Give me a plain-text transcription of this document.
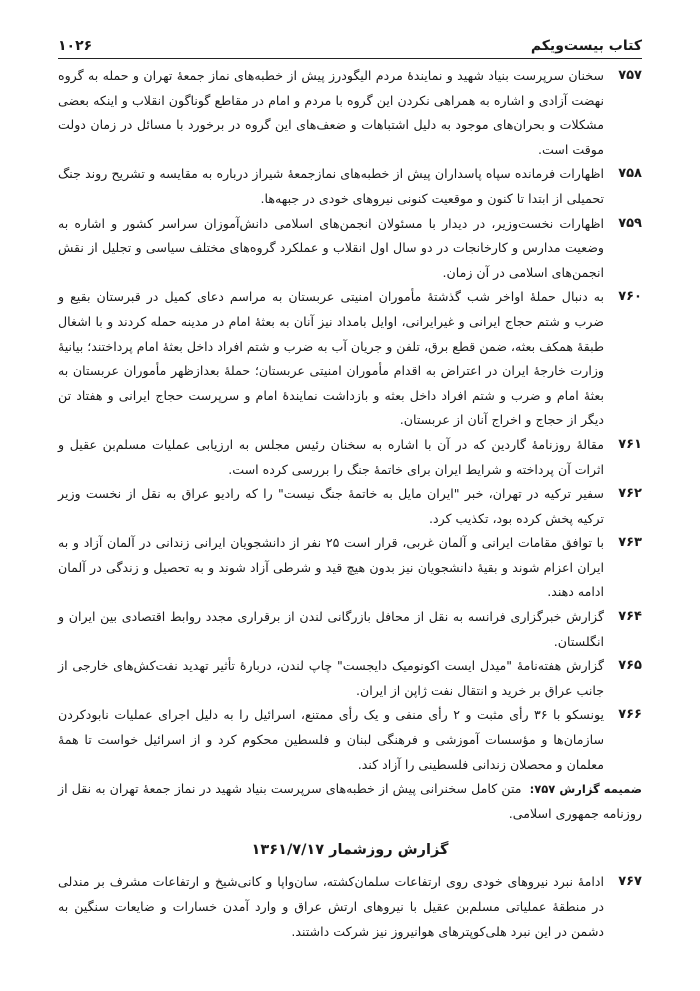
کتاب بیست‌ویکم
۱۰۲۶
۷۵۷
سخنان سرپرست بنیاد شهید و نمایندهٔ مردم الیگودرز پیش از خطبه‌های نماز جمعهٔ تهران و حمله به گروه نهضت آزادی و اشاره به همراهی نکردن این گروه با مردم و امام در مقاطع گوناگون انقلاب و اینکه بعضی مشکلات و بحران‌های موجود به دلیل اشتباهات و ضعف‌های این گروه در برخورد با مسائل در زمان دولت موقت است.
۷۵۸
اظهارات فرمانده سپاه پاسداران پیش از خطبه‌های نمازجمعهٔ شیراز درباره به مقایسه و تشریح روند جنگ تحمیلی از ابتدا تا کنون و موقعیت کنونی نیروهای خودی در جبهه‌ها.
۷۵۹
اظهارات نخست‌وزیر، در دیدار با مسئولان انجمن‌های اسلامی دانش‌آموزان سراسر کشور و اشاره به وضعیت مدارس و کارخانجات در دو سال اول انقلاب و عملکرد گروه‌های مختلف سیاسی و تجلیل از نقش انجمن‌های اسلامی در آن زمان.
۷۶۰
به دنبال حملهٔ اواخر شب گذشتهٔ مأموران امنیتی عربستان به مراسم دعای کمیل در قبرستان بقیع و ضرب و شتم حجاج ایرانی و غیرایرانی، اوایل بامداد نیز آنان به بعثهٔ امام در مدینه حمله کردند و با اشغال طبقهٔ همکف بعثه، ضمن قطع برق، تلفن و جریان آب به ضرب و شتم افراد داخل بعثهٔ امام پرداختند؛ بیانیهٔ وزارت خارجهٔ ایران در اعتراض به اقدام مأموران امنیتی عربستان؛ حملهٔ بعدازظهر مأموران عربستان به بعثهٔ امام و ضرب و شتم افراد داخل بعثه و بازداشت نمایندهٔ امام و سرپرست حجاج ایرانی و هفتاد تن دیگر از حجاج و اخراج آنان از عربستان.
۷۶۱
مقالهٔ روزنامهٔ گاردین که در آن با اشاره به سخنان رئیس مجلس به ارزیابی عملیات مسلم‌بن عقیل و اثرات آن پرداخته و شرایط ایران برای خاتمهٔ جنگ را بررسی کرده است.
۷۶۲
سفیر ترکیه در تهران، خبر "ایران مایل به خاتمهٔ جنگ نیست" را که رادیو عراق به نقل از نخست وزیر ترکیه پخش کرده بود، تکذیب کرد.
۷۶۳
با توافق مقامات ایرانی و آلمان غربی، قرار است ۲۵ نفر از دانشجویان ایرانی زندانی در آلمان آزاد و به ایران اعزام شوند و بقیهٔ دانشجویان نیز بدون هیچ قید و شرطی آزاد شوند و به تحصیل و زندگی در آلمان ادامه دهند.
۷۶۴
گزارش خبرگزاری فرانسه به نقل از محافل بازرگانی لندن از برقراری مجدد روابط اقتصادی بین ایران و انگلستان.
۷۶۵
گزارش هفته‌نامهٔ "میدل ایست اکونومیک دایجست" چاپ لندن، دربارهٔ تأثیر تهدید نفت‌کش‌های خارجی از جانب عراق بر خرید و انتقال نفت ژاپن از ایران.
۷۶۶
یونسکو با ۳۶ رأی مثبت و ۲ رأی منفی و یک رأی ممتنع، اسرائیل را به دلیل اجرای عملیات نابودکردن سازمان‌ها و مؤسسات آموزشی و فرهنگی لبنان و فلسطین محکوم کرد و از اسرائیل خواست تا همهٔ معلمان و محصلان زندانی فلسطینی را آزاد کند.
ضمیمه گزارش ۷۵۷: متن کامل سخنرانی پیش از خطبه‌های سرپرست بنیاد شهید در نماز جمعهٔ تهران به نقل از روزنامه جمهوری اسلامی.
گزارش روزشمار ۱۳۶۱/۷/۱۷
۷۶۷
ادامهٔ نبرد نیروهای خودی روی ارتفاعات سلمان‌کشته، سان‌واپا و کانی‌شیخ و ارتفاعات مشرف بر مندلی در منطقهٔ عملیاتی مسلم‌بن عقیل با نیروهای ارتش عراق و وارد آمدن خسارات و ضایعات سنگین به دشمن در این نبرد هلی‌کوپترهای هوانیروز نیز شرکت داشتند.
